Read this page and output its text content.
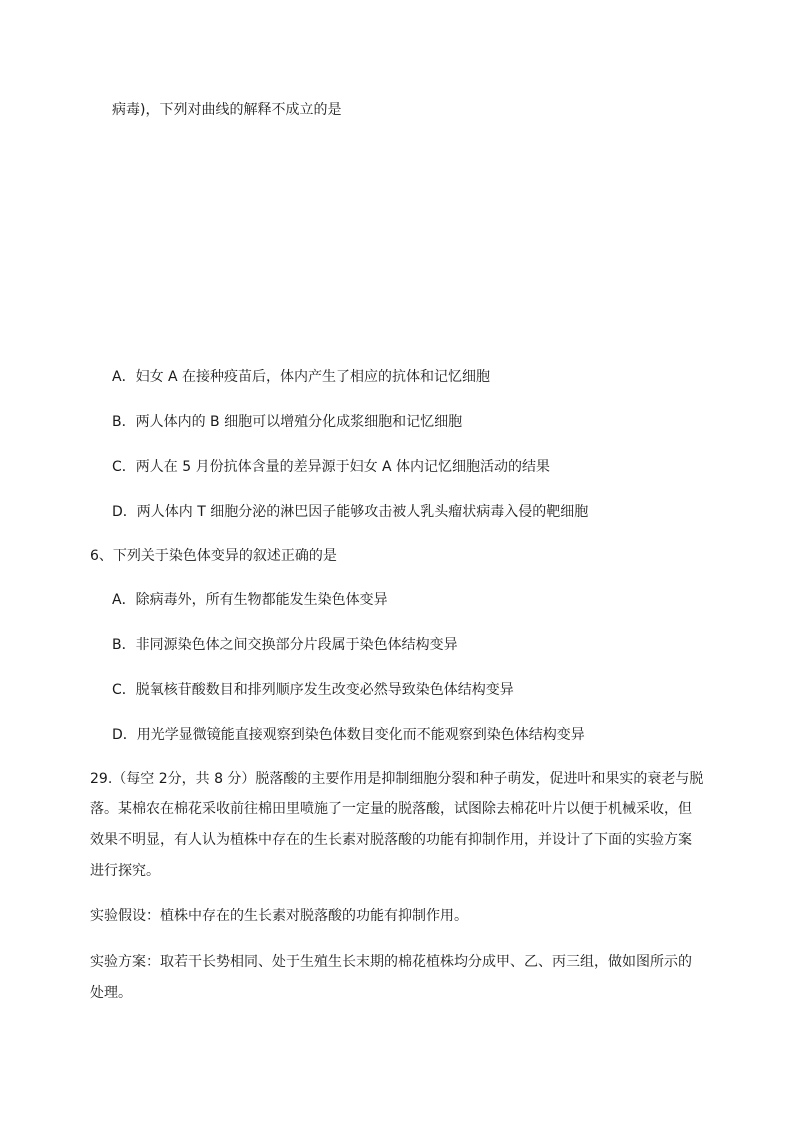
病毒)，下列对曲线的解释不成立的是
A．妇女 A 在接种疫苗后，体内产生了相应的抗体和记忆细胞
B．两人体内的 B 细胞可以增殖分化成浆细胞和记忆细胞
C．两人在 5 月份抗体含量的差异源于妇女 A 体内记忆细胞活动的结果
D．两人体内 T 细胞分泌的淋巴因子能够攻击被人乳头瘤状病毒入侵的靶细胞
6、下列关于染色体变异的叙述正确的是
A．除病毒外，所有生物都能发生染色体变异
B．非同源染色体之间交换部分片段属于染色体结构变异
C．脱氧核苷酸数目和排列顺序发生改变必然导致染色体结构变异
D．用光学显微镜能直接观察到染色体数目变化而不能观察到染色体结构变异
29.（每空 2分，共 8 分）脱落酸的主要作用是抑制细胞分裂和种子萌发，促进叶和果实的衰老与脱
落。某棉农在棉花采收前往棉田里喷施了一定量的脱落酸，试图除去棉花叶片以便于机械采收，但
效果不明显，有人认为植株中存在的生长素对脱落酸的功能有抑制作用，并设计了下面的实验方案
进行探究。
实验假设：植株中存在的生长素对脱落酸的功能有抑制作用。
实验方案：取若干长势相同、处于生殖生长末期的棉花植株均分成甲、乙、丙三组，做如图所示的
处理。
